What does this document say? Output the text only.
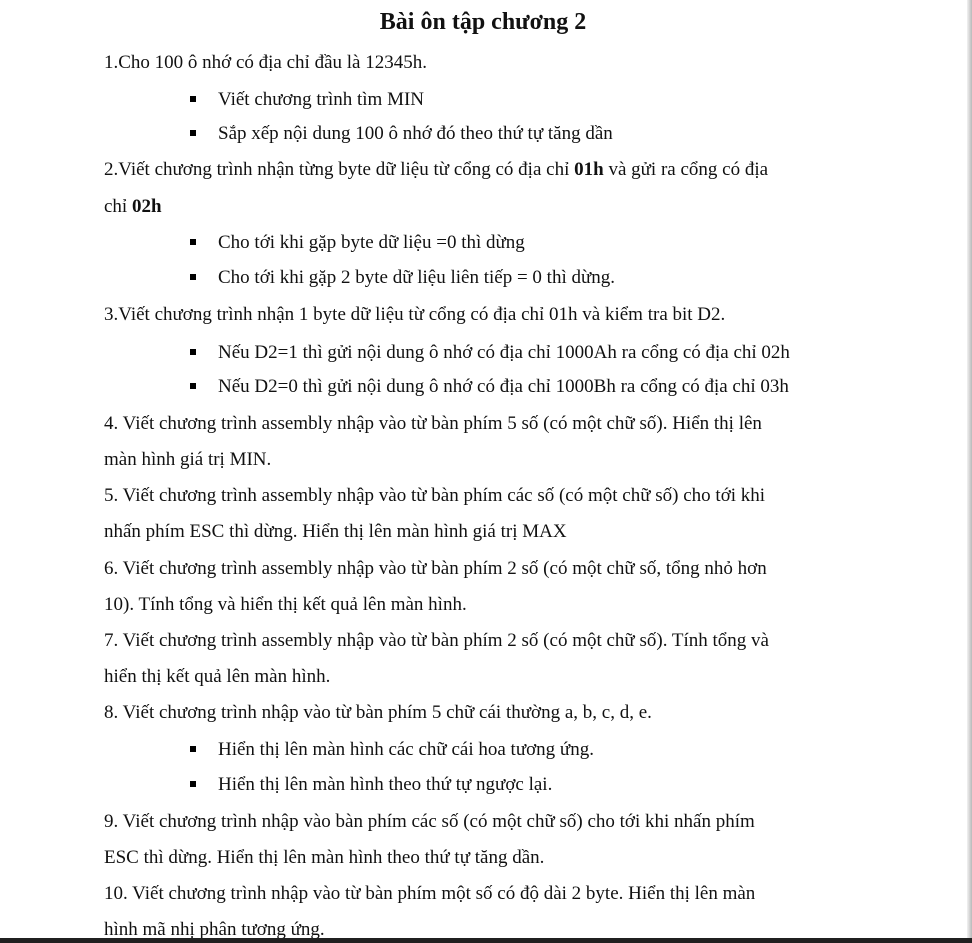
Bài ôn tập chương 2

1.Cho 100 ô nhớ có địa chỉ đầu là 12345h.

Viết chương trình tìm MIN
Sắp xếp nội dung 100 ô nhớ đó theo thứ tự tăng dần

2.Viết chương trình nhận từng byte dữ liệu từ cổng có địa chỉ 01h và gửi ra cổng có địa

chỉ 02h

Cho tới khi gặp byte dữ liệu =0 thì dừng
Cho tới khi gặp 2 byte dữ liệu liên tiếp = 0 thì dừng.

3.Viết chương trình nhận 1 byte dữ liệu từ cổng có địa chỉ 01h và kiểm tra bit D2.

Nếu D2=1 thì gửi nội dung ô nhớ có địa chỉ 1000Ah ra cổng có địa chỉ 02h
Nếu D2=0 thì gửi nội dung ô nhớ có địa chỉ 1000Bh ra cổng có địa chỉ 03h

4. Viết chương trình assembly nhập vào từ bàn phím 5 số (có một chữ số). Hiển thị lên

màn hình giá trị MIN.

5. Viết chương trình assembly nhập vào từ bàn phím các số (có một chữ số) cho tới khi

nhấn phím ESC thì dừng. Hiển thị lên màn hình giá trị MAX

6. Viết chương trình assembly nhập vào từ bàn phím 2 số (có một chữ số, tổng nhỏ hơn

10). Tính tổng và hiển thị kết quả lên màn hình.

7. Viết chương trình assembly nhập vào từ bàn phím 2 số (có một chữ số). Tính tổng và

hiển thị kết quả lên màn hình.

8. Viết chương trình nhập vào từ bàn phím 5 chữ cái thường a, b, c, d, e.

Hiển thị lên màn hình các chữ cái hoa tương ứng.
Hiển thị lên màn hình theo thứ tự ngược lại.

9. Viết chương trình nhập vào bàn phím các số (có một chữ số) cho tới khi nhấn phím

ESC thì dừng. Hiển thị lên màn hình theo thứ tự tăng dần.

10. Viết chương trình nhập vào từ bàn phím một số có độ dài 2 byte. Hiển thị lên màn

hình mã nhị phân tương ứng.
